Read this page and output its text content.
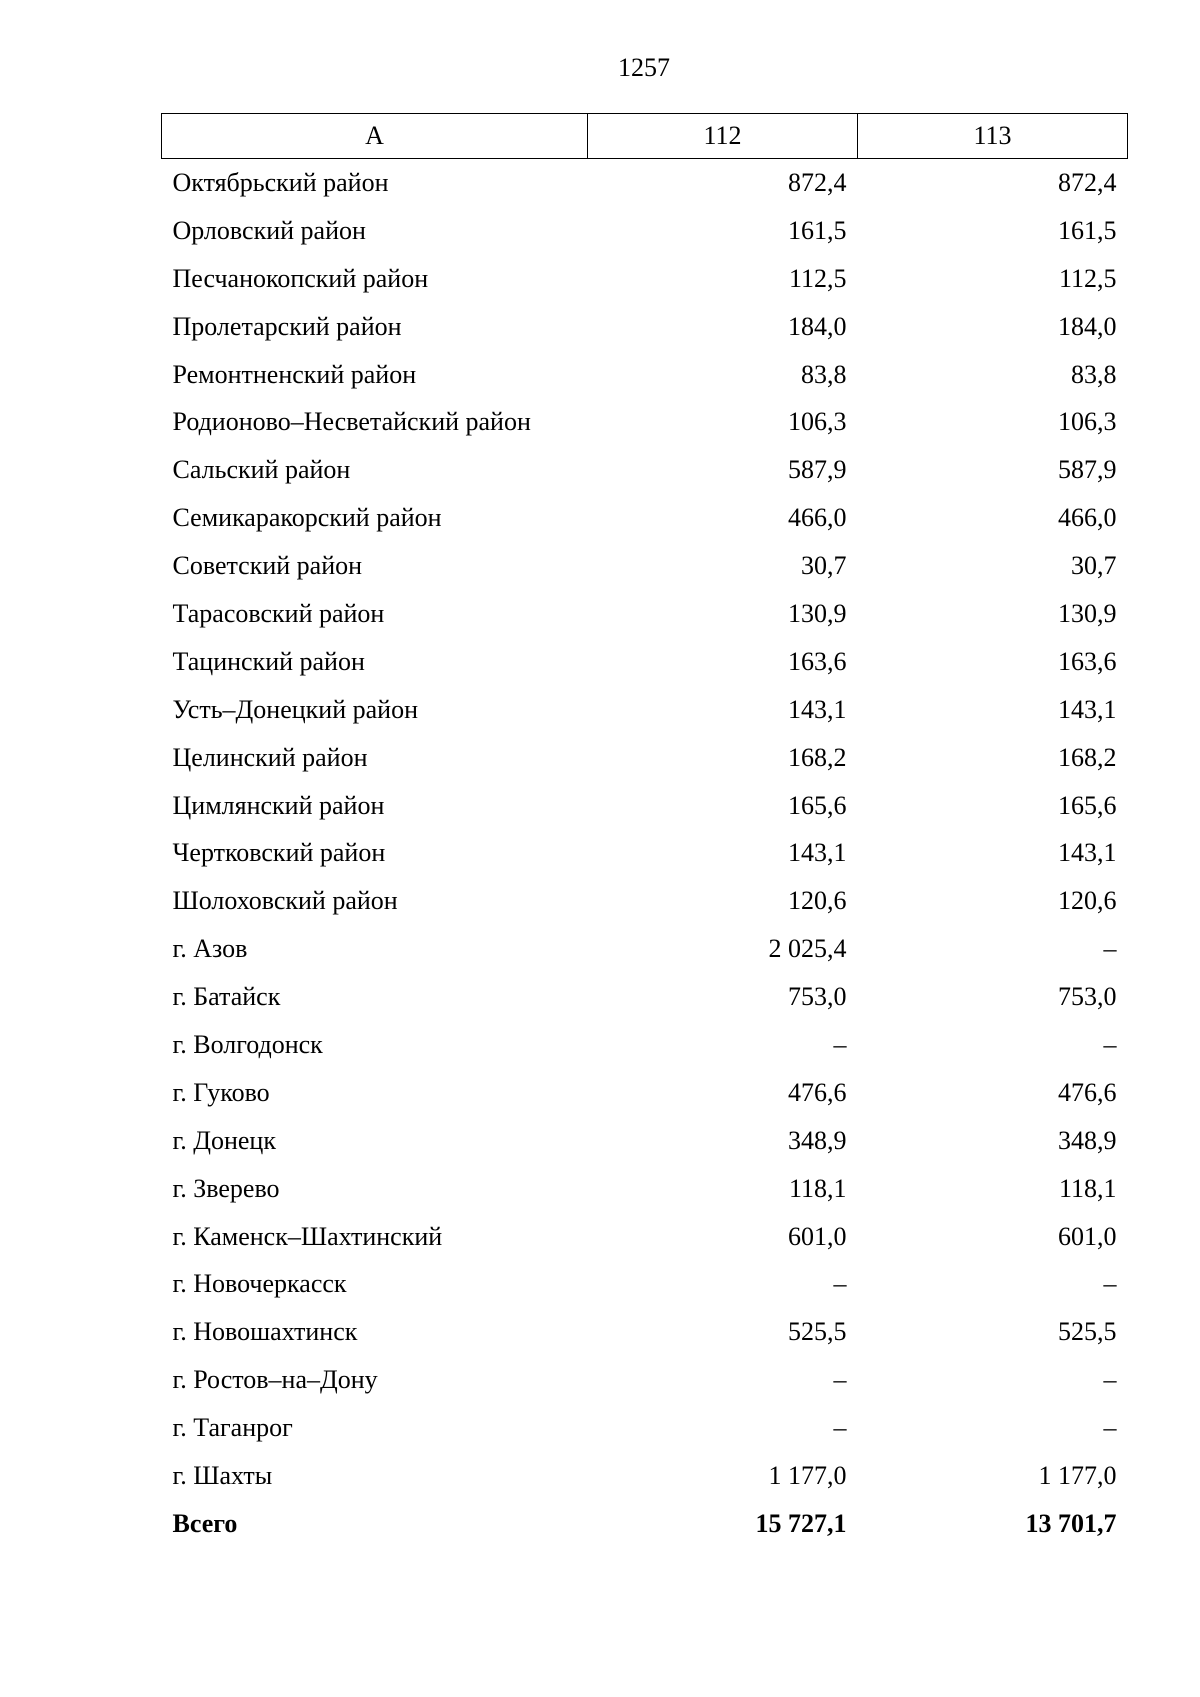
1257
А	112	113
Октябрьский район	872,4	872,4
Орловский район	161,5	161,5
Песчанокопский район	112,5	112,5
Пролетарский район	184,0	184,0
Ремонтненский район	83,8	83,8
Родионово–Несветайский район	106,3	106,3
Сальский район	587,9	587,9
Семикаракорский район	466,0	466,0
Советский район	30,7	30,7
Тарасовский район	130,9	130,9
Тацинский район	163,6	163,6
Усть–Донецкий район	143,1	143,1
Целинский район	168,2	168,2
Цимлянский район	165,6	165,6
Чертковский район	143,1	143,1
Шолоховский район	120,6	120,6
г. Азов	2 025,4	–
г. Батайск	753,0	753,0
г. Волгодонск	–	–
г. Гуково	476,6	476,6
г. Донецк	348,9	348,9
г. Зверево	118,1	118,1
г. Каменск–Шахтинский	601,0	601,0
г. Новочеркасск	–	–
г. Новошахтинск	525,5	525,5
г. Ростов–на–Дону	–	–
г. Таганрог	–	–
г. Шахты	1 177,0	1 177,0
Всего	15 727,1	13 701,7
